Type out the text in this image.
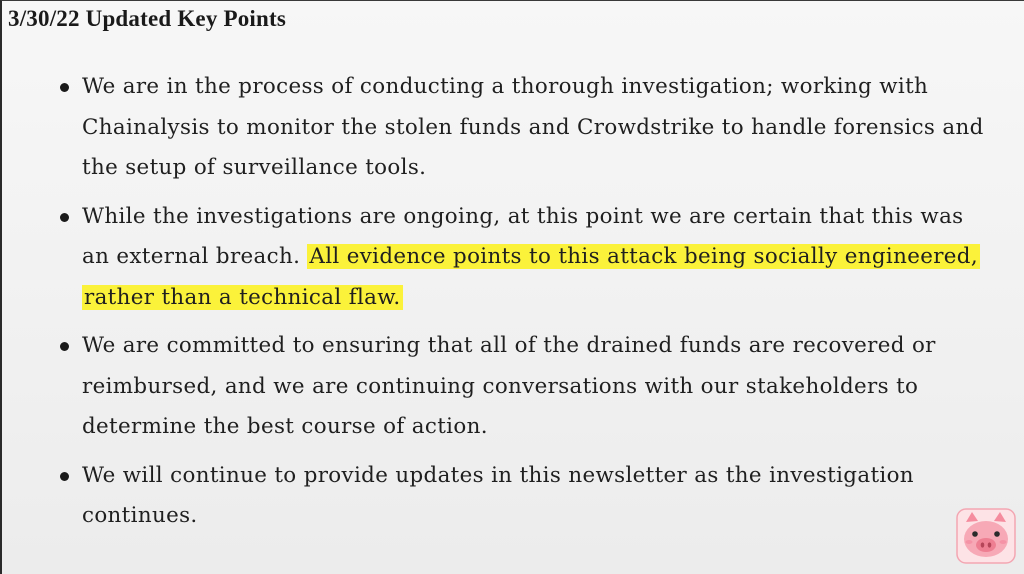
3/30/22 Updated Key Points
We are in the process of conducting a thorough investigation; working with Chainalysis to monitor the stolen funds and Crowdstrike to handle forensics and the setup of surveillance tools.
While the investigations are ongoing, at this point we are certain that this was an external breach. All evidence points to this attack being socially engineered, rather than a technical flaw.
We are committed to ensuring that all of the drained funds are recovered or reimbursed, and we are continuing conversations with our stakeholders to determine the best course of action.
We will continue to provide updates in this newsletter as the investigation continues.
